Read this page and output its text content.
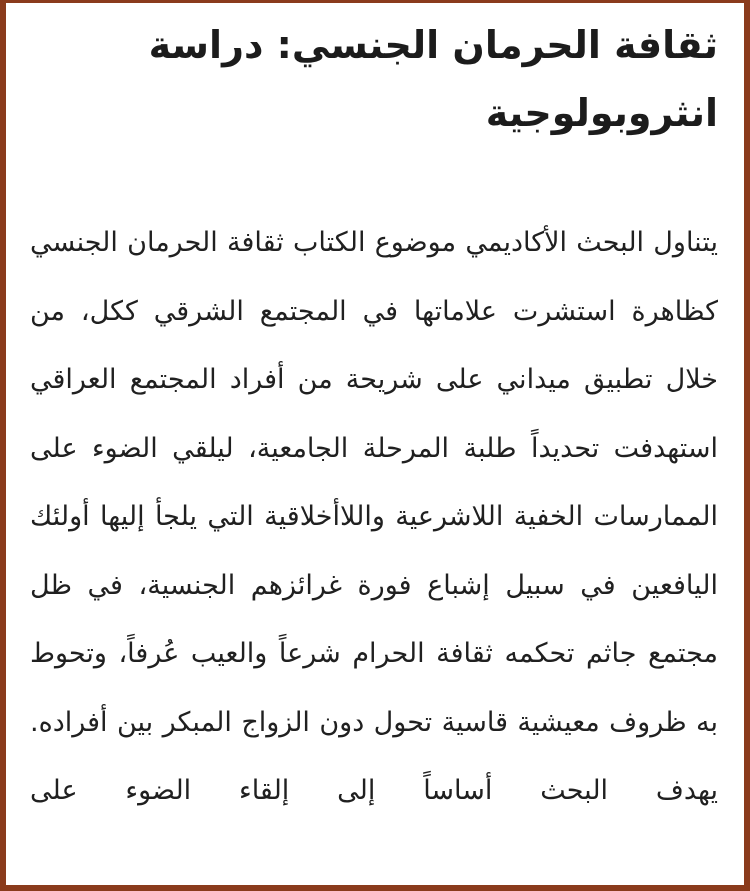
ثقافة الحرمان الجنسي: دراسة انثروبولوجية

يتناول البحث الأكاديمي موضوع الكتاب ثقافة الحرمان الجنسي كظاهرة استشرت علاماتها في المجتمع الشرقي ككل، من خلال تطبيق ميداني على شريحة من أفراد المجتمع العراقي استهدفت تحديداً طلبة المرحلة الجامعية، ليلقي الضوء على الممارسات الخفية اللاشرعية واللاأخلاقية التي يلجأ إليها أولئك اليافعين في سبيل إشباع فورة غرائزهم الجنسية، في ظل مجتمع جاثم تحكمه ثقافة الحرام شرعاً والعيب عُرفاً، وتحوط به ظروف معيشية قاسية تحول دون الزواج المبكر بين أفراده. يهدف البحث أساساً إلى إلقاء الضوء على
